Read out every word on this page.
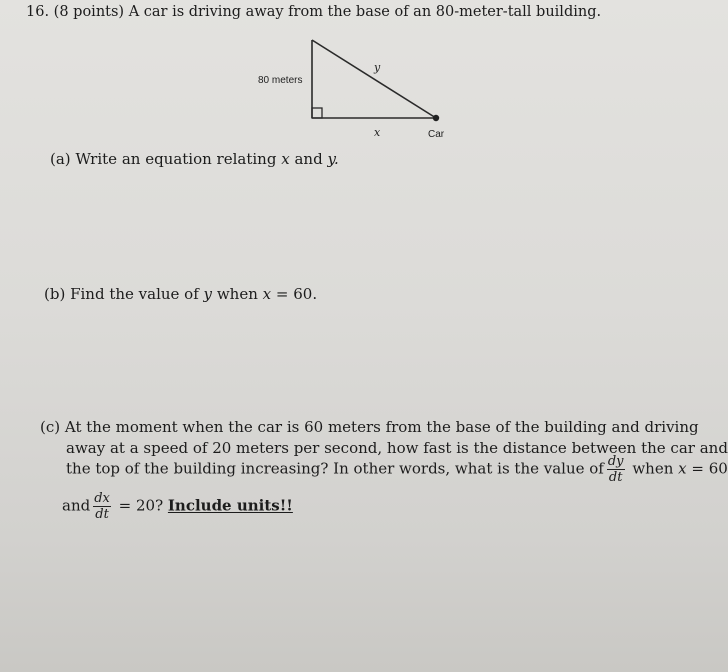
16. (8 points) A car is driving away from the base of an 80-meter-tall building.
80 meters
y
x	Car
(a) Write an equation relating x and y.
(b) Find the value of y when x = 60.
(c) At the moment when the car is 60 meters from the base of the building and driving
away at a speed of 20 meters per second, how fast is the distance between the car and
the top of the building increasing? In other words, what is the value of $\frac{dy}{dt}$ when x = 60
and $\frac{dx}{dt} = 20$? Include units!!
